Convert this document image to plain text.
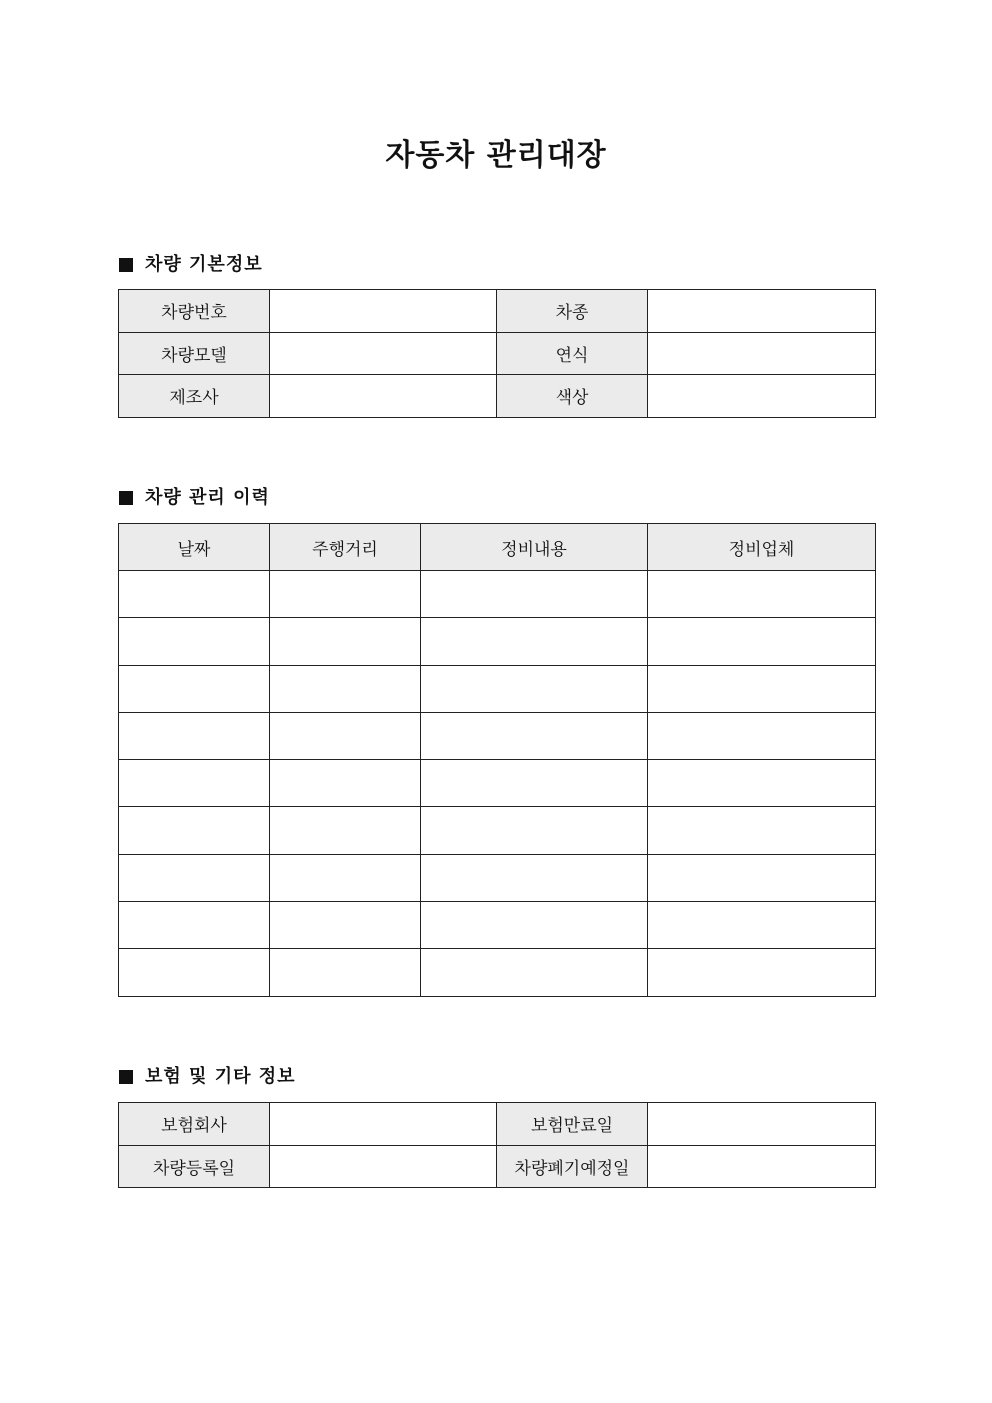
자동차 관리대장
차량 기본정보
차량번호		차종	
차량모델		연식	
제조사		색상	
차량 관리 이력
날짜	주행거리	정비내용	정비업체

보험 및 기타 정보
보험회사		보험만료일	
차량등록일		차량폐기예정일	
